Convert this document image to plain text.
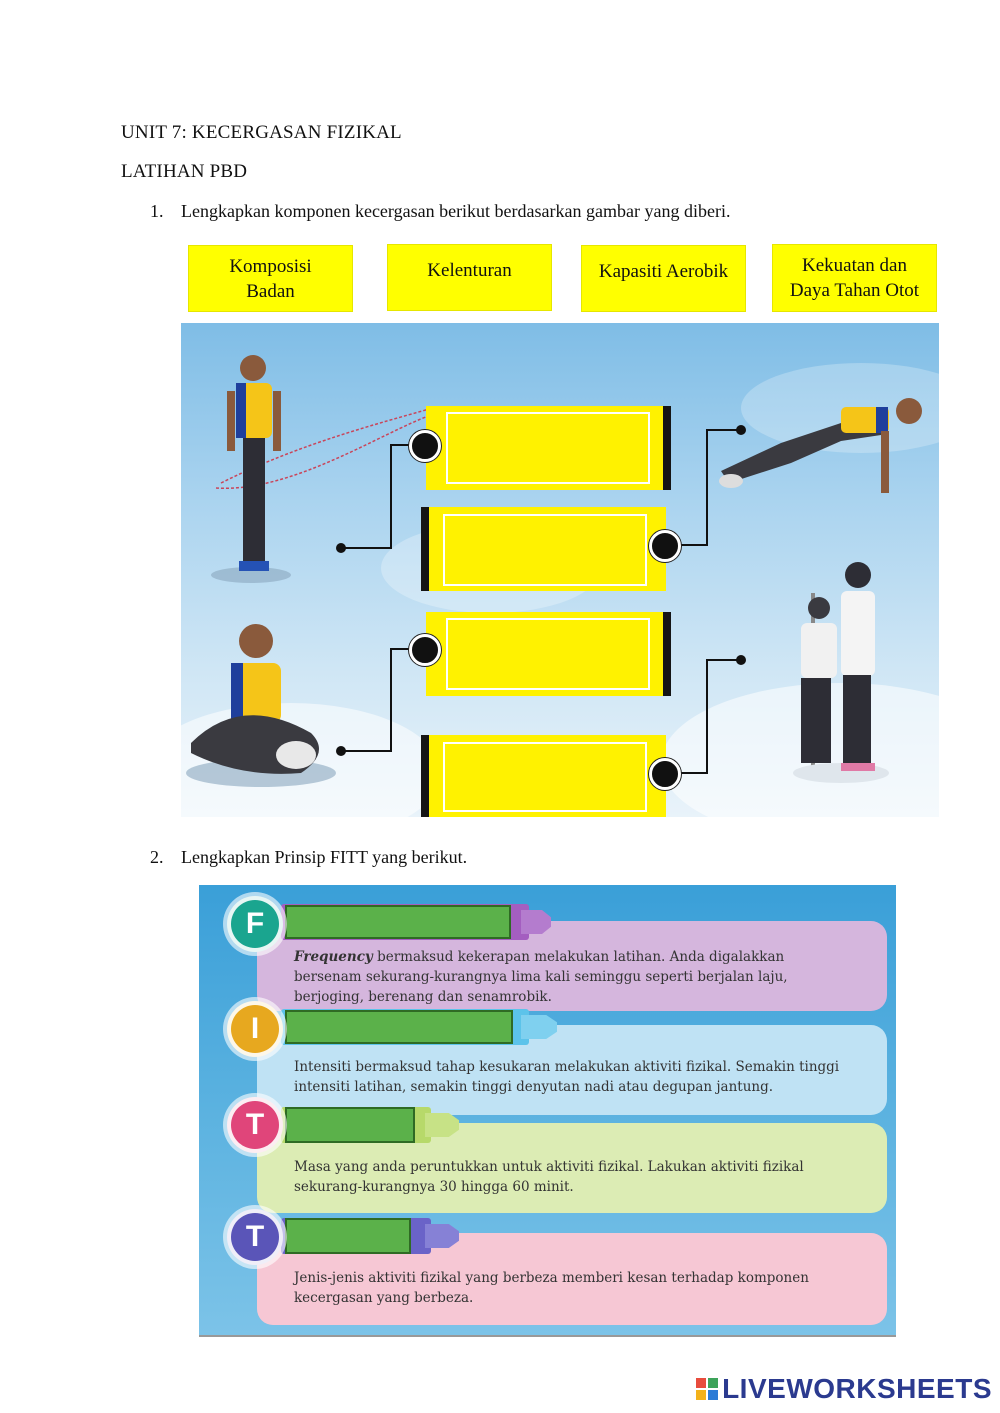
UNIT 7: KECERGASAN FIZIKAL
LATIHAN PBD
1. Lengkapkan komponen kecergasan berikut berdasarkan gambar yang diberi.
Komposisi
Badan
Kelenturan	Kapasiti Aerobik	Kekuatan dan
Daya Tahan Otot
2. Lengkapkan Prinsip FITT yang berikut.
Frequency bermaksud kekerapan melakukan latihan. Anda digalakkan bersenam sekurang-kurangnya lima kali seminggu seperti berjalan laju, berjoging, berenang dan senamrobik.
F
Intensiti bermaksud tahap kesukaran melakukan aktiviti fizikal. Semakin tinggi intensiti latihan, semakin tinggi denyutan nadi atau degupan jantung.
I
Masa yang anda peruntukkan untuk aktiviti fizikal. Lakukan aktiviti fizikal sekurang-kurangnya 30 hingga 60 minit.
T
Jenis-jenis aktiviti fizikal yang berbeza memberi kesan terhadap komponen kecergasan yang berbeza.
T
LIVEWORKSHEETS
